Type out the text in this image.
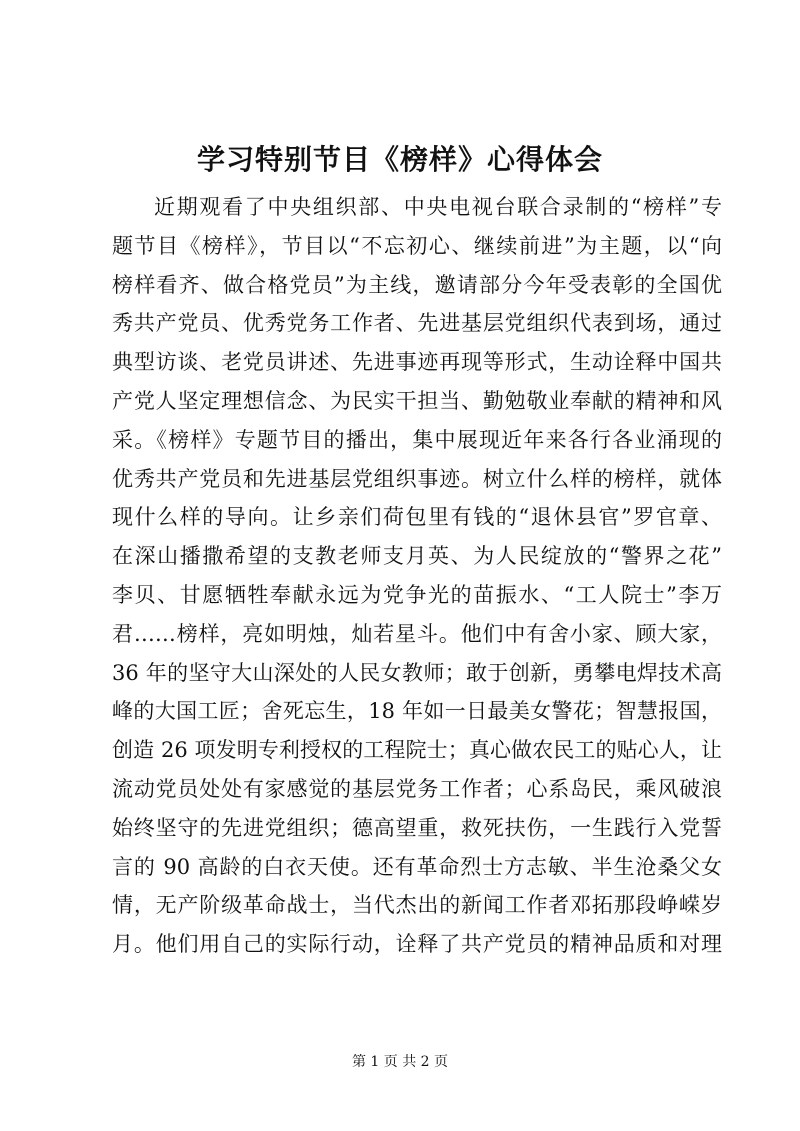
学习特别节目《榜样》心得体会
近期观看了中央组织部、中央电视台联合录制的“榜样”专
题节目《榜样》，节目以“不忘初心、继续前进”为主题，以“向
榜样看齐、做合格党员”为主线，邀请部分今年受表彰的全国优
秀共产党员、优秀党务工作者、先进基层党组织代表到场，通过
典型访谈、老党员讲述、先进事迹再现等形式，生动诠释中国共
产党人坚定理想信念、为民实干担当、勤勉敬业奉献的精神和风
采。《榜样》专题节目的播出，集中展现近年来各行各业涌现的
优秀共产党员和先进基层党组织事迹。树立什么样的榜样，就体
现什么样的导向。让乡亲们荷包里有钱的“退休县官”罗官章、
在深山播撒希望的支教老师支月英、为人民绽放的“警界之花”
李贝、甘愿牺牲奉献永远为党争光的苗振水、“工人院士”李万
君……榜样，亮如明烛，灿若星斗。他们中有舍小家、顾大家，
36 年的坚守大山深处的人民女教师；敢于创新，勇攀电焊技术高
峰的大国工匠；舍死忘生，18 年如一日最美女警花；智慧报国，
创造 26 项发明专利授权的工程院士；真心做农民工的贴心人，让
流动党员处处有家感觉的基层党务工作者；心系岛民，乘风破浪
始终坚守的先进党组织；德高望重，救死扶伤，一生践行入党誓
言的 90 高龄的白衣天使。还有革命烈士方志敏、半生沧桑父女
情，无产阶级革命战士，当代杰出的新闻工作者邓拓那段峥嵘岁
月。他们用自己的实际行动，诠释了共产党员的精神品质和对理
第 1 页 共 2 页
